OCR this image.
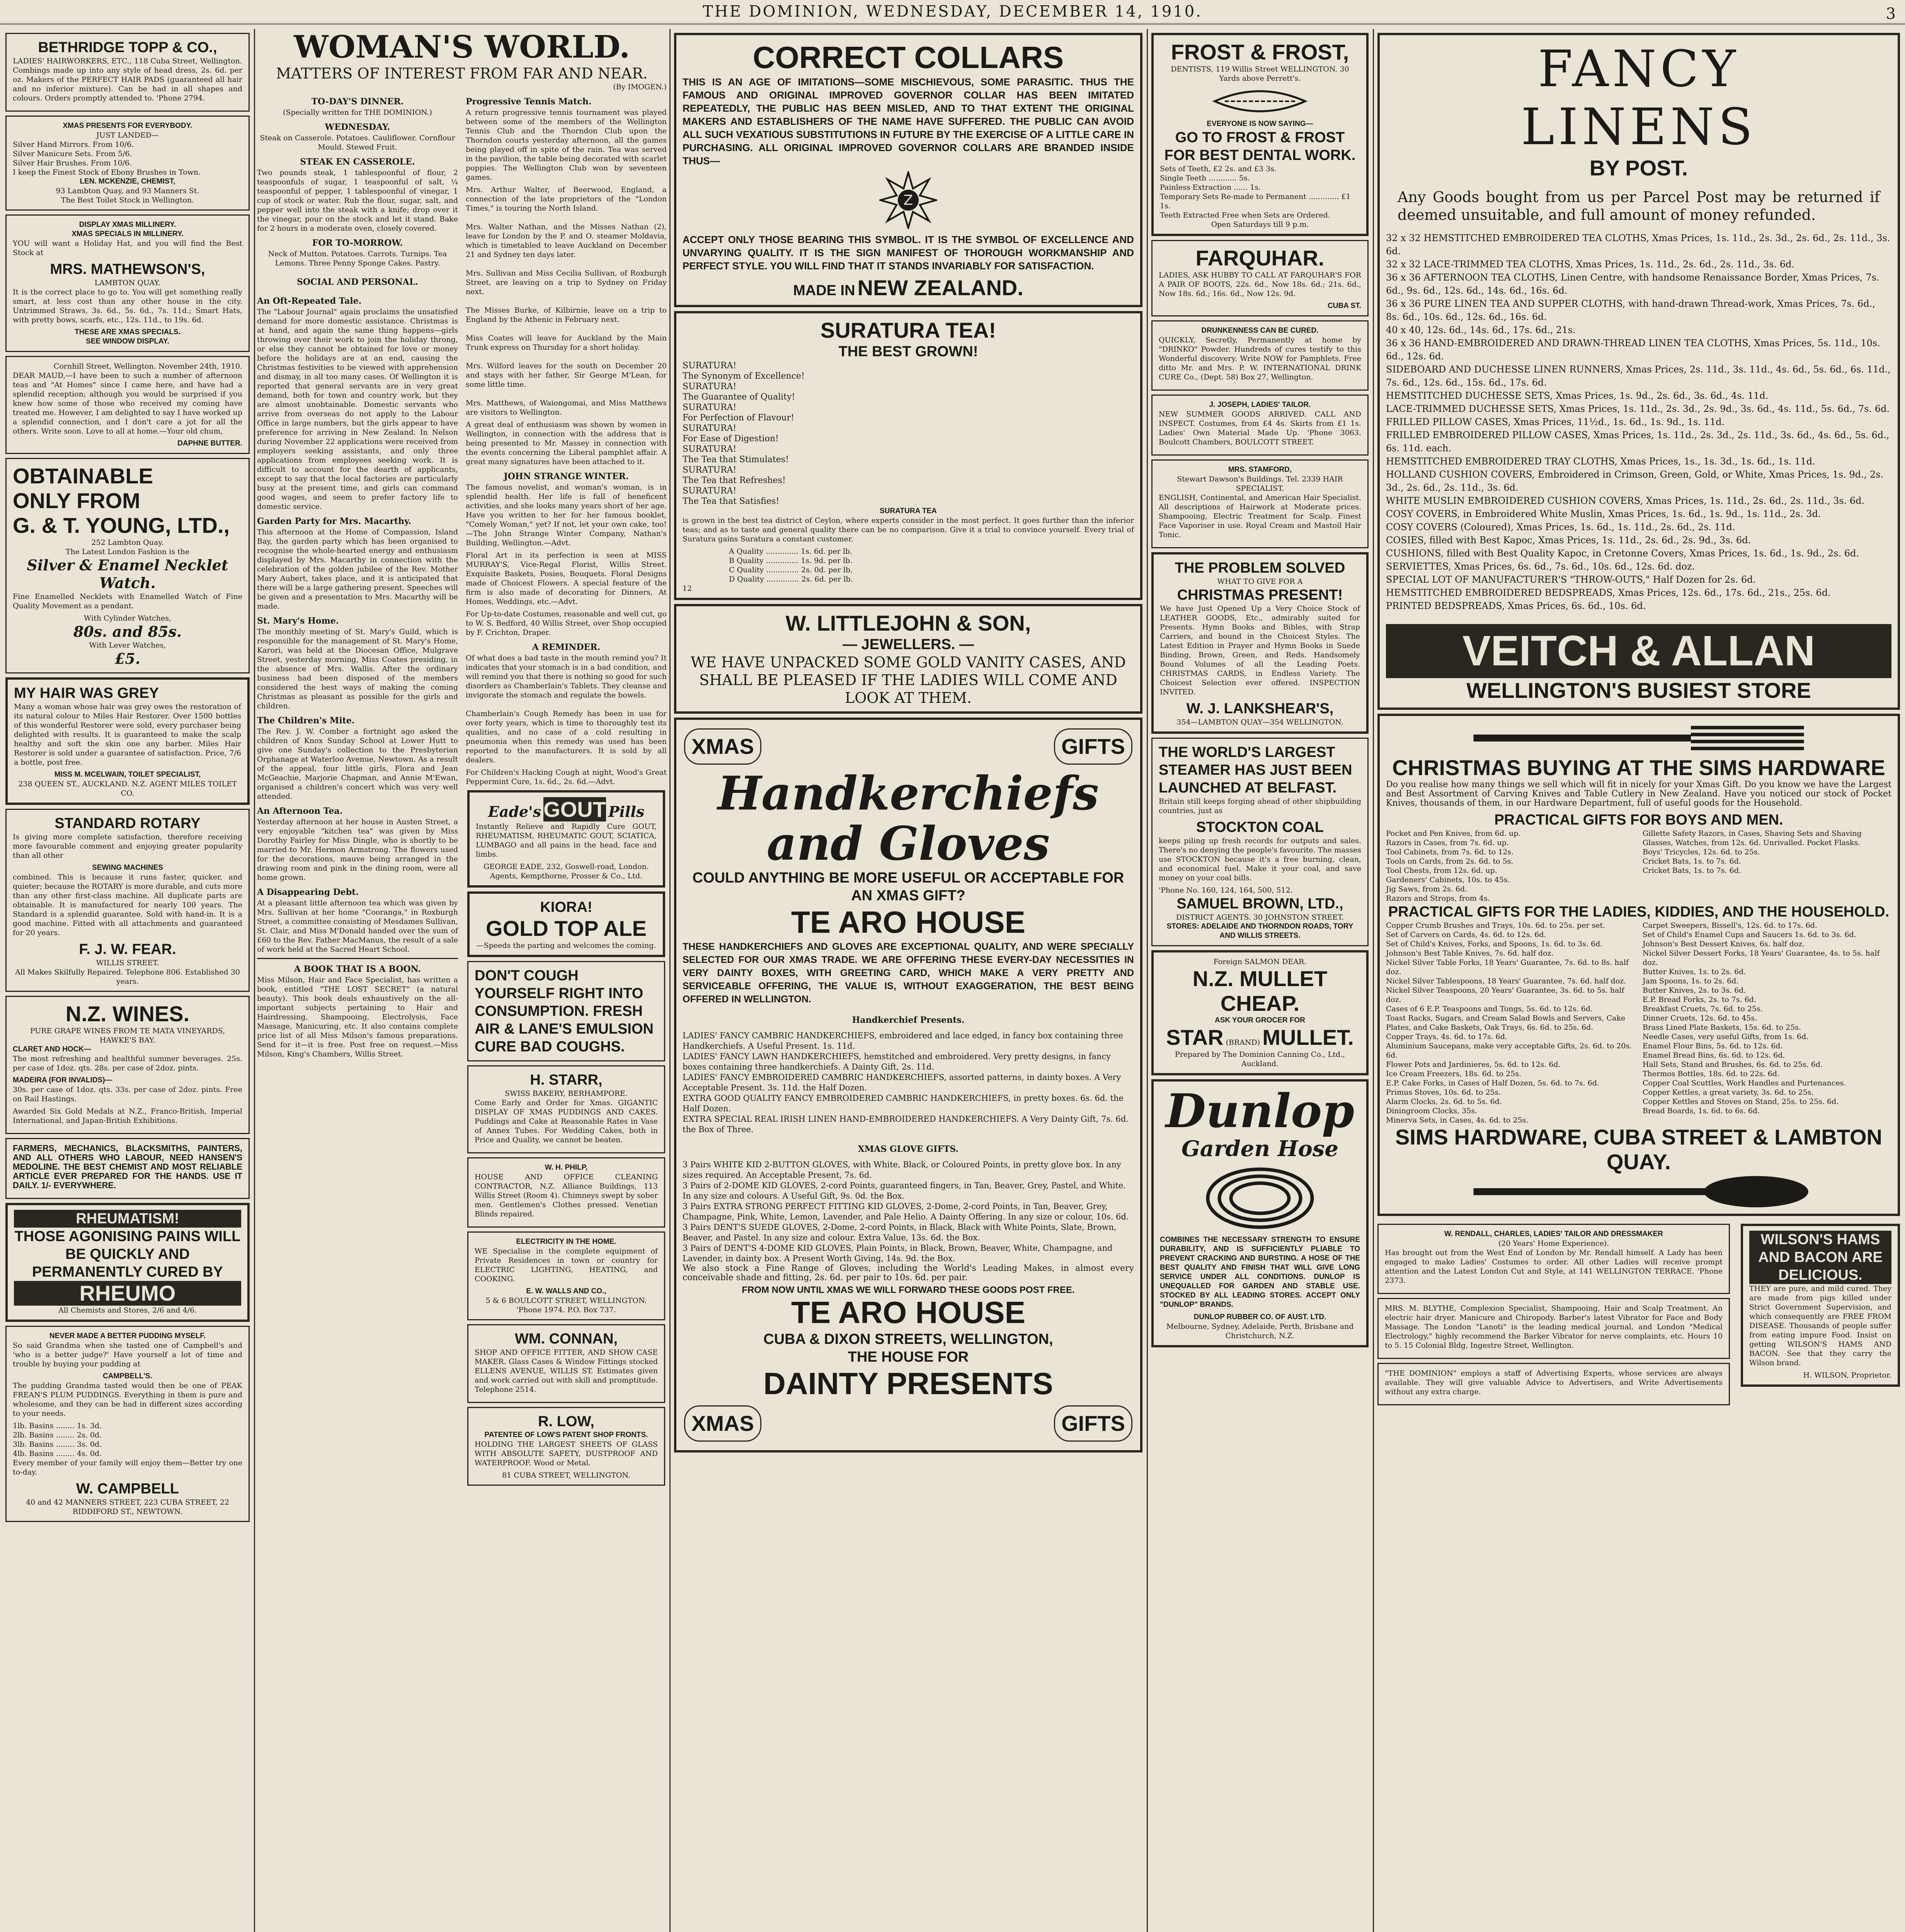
THE DOMINION, WEDNESDAY, DECEMBER 14, 1910.	3
BETHRIDGE TOPP & CO.,
LADIES' HAIRWORKERS, ETC., 118 Cuba Street, Wellington.

Combings made up into any style of head dress, 2s. 6d. per oz. Makers of the PERFECT HAIR PADS (guaranteed all hair and no inferior mixture). Can be had in all shapes and colours. Orders promptly attended to. 'Phone 2794.

XMAS PRESENTS FOR EVERYBODY.
JUST LANDED—
Silver Hand Mirrors. From 10/6.
Silver Manicure Sets. From 5/6.
Silver Hair Brushes. From 10/6.
I keep the Finest Stock of Ebony Brushes in Town.
LEN. MCKENZIE, CHEMIST,
93 Lambton Quay, and 93 Manners St.
The Best Toilet Stock in Wellington.
DISPLAY XMAS MILLINERY.
XMAS SPECIALS IN MILLINERY.

YOU will want a Holiday Hat, and you will find the Best Stock at

MRS. MATHEWSON'S,
LAMBTON QUAY.

It is the correct place to go to. You will get something really smart, at less cost than any other house in the city. Untrimmed Straws, 3s. 6d., 5s. 6d., 7s. 11d.; Smart Hats, with pretty bows, scarfs, etc., 12s. 11d., to 19s. 6d.

THESE ARE XMAS SPECIALS.
SEE WINDOW DISPLAY.
Cornhill Street, Wellington. November 24th, 1910.

DEAR MAUD,—I have been to such a number of afternoon teas and "At Homes" since I came here, and have had a splendid reception; although you would be surprised if you knew how some of those who received my coming have treated me. However, I am delighted to say I have worked up a splendid connection, and I don't care a jot for all the others. Write soon. Love to all at home.—Your old chum,

DAPHNE BUTTER.
OBTAINABLE
ONLY FROM
G. & T. YOUNG, LTD.,
252 Lambton Quay.
The Latest London Fashion is the
Silver & Enamel Necklet Watch.

Fine Enamelled Necklets with Enamelled Watch of Fine Quality Movement as a pendant.

With Cylinder Watches,
80s. and 85s.
With Lever Watches,
£5.
MY HAIR WAS GREY

Many a woman whose hair was grey owes the restoration of its natural colour to Miles Hair Restorer. Over 1500 bottles of this wonderful Restorer were sold, every purchaser being delighted with results. It is guaranteed to make the scalp healthy and soft the skin one any barber. Miles Hair Restorer is sold under a guarantee of satisfaction. Price, 7/6 a bottle, post free.

MISS M. MCELWAIN, TOILET SPECIALIST,
238 QUEEN ST., AUCKLAND. N.Z. AGENT MILES TOILET CO.
STANDARD ROTARY

Is giving more complete satisfaction, therefore receiving more favourable comment and enjoying greater popularity than all other

SEWING MACHINES

combined. This is because it runs faster, quicker, and quieter; because the ROTARY is more durable, and cuts more than any other first-class machine. All duplicate parts are obtainable. It is manufactured for nearly 100 years. The Standard is a splendid guarantee. Sold with hand-in. It is a good machine. Fitted with all attachments and guaranteed for 20 years.

F. J. W. FEAR.
WILLIS STREET.
All Makes Skilfully Repaired. Telephone 806. Established 30 years.
N.Z. WINES.
PURE GRAPE WINES FROM TE MATA VINEYARDS, HAWKE'S BAY.
CLARET AND HOCK—

The most refreshing and healthful summer beverages. 25s. per case of 1doz. qts. 28s. per case of 2doz. pints.

MADEIRA (FOR INVALIDS)—

30s. per case of 1doz. qts. 33s. per case of 2doz. pints. Free on Rail Hastings.

Awarded Six Gold Medals at N.Z., Franco-British, Imperial International, and Japan-British Exhibitions.

FARMERS, MECHANICS, BLACKSMITHS, PAINTERS, AND ALL OTHERS WHO LABOUR, NEED HANSEN'S MEDOLINE. THE BEST CHEMIST AND MOST RELIABLE ARTICLE EVER PREPARED FOR THE HANDS. USE IT DAILY. 1/- EVERYWHERE.

RHEUMATISM!
THOSE AGONISING PAINS WILL BE QUICKLY AND PERMANENTLY CURED BY
RHEUMO
All Chemists and Stores, 2/6 and 4/6.
NEVER MADE A BETTER PUDDING MYSELF.

So said Grandma when she tasted one of Campbell's and 'who is a better judge?' Have yourself a lot of time and trouble by buying your pudding at

CAMPBELL'S.

The pudding Grandma tasted would then be one of PEAK FREAN'S PLUM PUDDINGS. Everything in them is pure and wholesome, and they can be had in different sizes according to your needs.

1lb. Basins ........ 1s. 3d.
2lb. Basins ........ 2s. 0d.
3lb. Basins ........ 3s. 0d.
4lb. Basins ........ 4s. 0d.

Every member of your family will enjoy them—Better try one to-day.

W. CAMPBELL
40 and 42 MANNERS STREET, 223 CUBA STREET, 22 RIDDIFORD ST., NEWTOWN.
WOMAN'S WORLD.
MATTERS OF INTEREST FROM FAR AND NEAR.
(By IMOGEN.)
TO-DAY'S DINNER.
(Specially written for THE DOMINION.)
WEDNESDAY.

Steak on Casserole. Potatoes. Cauliflower. Cornflour Mould. Stewed Fruit.

STEAK EN CASSEROLE.

Two pounds steak, 1 tablespoonful of flour, 2 teaspoonfuls of sugar, 1 teaspoonful of salt, ¼ teaspoonful of pepper, 1 tablespoonful of vinegar, 1 cup of stock or water. Rub the flour, sugar, salt, and pepper well into the steak with a knife; drop over it the vinegar, pour on the stock and let it stand. Bake for 2 hours in a moderate oven, closely covered.

FOR TO-MORROW.

Neck of Mutton. Potatoes. Carrots. Turnips. Tea Lemons. Three Penny Sponge Cakes. Pastry.

SOCIAL AND PERSONAL.
An Oft-Repeated Tale.

The "Labour Journal" again proclaims the unsatisfied demand for more domestic assistance. Christmas is at hand, and again the same thing happens—girls throwing over their work to join the holiday throng, or else they cannot be obtained for love or money before the holidays are at an end, causing the Christmas festivities to be viewed with apprehension and dismay, in all too many cases. Of Wellington it is reported that general servants are in very great demand, both for town and country work, but they are almost unobtainable. Domestic servants who arrive from overseas do not apply to the Labour Office in large numbers, but the girls appear to have preference for arriving in New Zealand. In Nelson during November 22 applications were received from employers seeking assistants, and only three applications from employees seeking work. It is difficult to account for the dearth of applicants, except to say that the local factories are particularly busy at the present time, and girls can command good wages, and seem to prefer factory life to domestic service.

Garden Party for Mrs. Macarthy.

This afternoon at the Home of Compassion, Island Bay, the garden party which has been organised to recognise the whole-hearted energy and enthusiasm displayed by Mrs. Macarthy in connection with the celebration of the golden jubilee of the Rev. Mother Mary Aubert, takes place, and it is anticipated that there will be a large gathering present. Speeches will be given and a presentation to Mrs. Macarthy will be made.

St. Mary's Home.

The monthly meeting of St. Mary's Guild, which is responsible for the management of St. Mary's Home, Karori, was held at the Diocesan Office, Mulgrave Street, yesterday morning, Miss Coates presiding, in the absence of Mrs. Wallis. After the ordinary business had been disposed of the members considered the best ways of making the coming Christmas as pleasant as possible for the girls and children.

The Children's Mite.

The Rev. J. W. Comber a fortnight ago asked the children of Knox Sunday School at Lower Hutt to give one Sunday's collection to the Presbyterian Orphanage at Waterloo Avenue, Newtown. As a result of the appeal, four little girls, Flora and Jean McGeachie, Marjorie Chapman, and Annie M'Ewan, organised a children's concert which was very well attended.

An Afternoon Tea.

Yesterday afternoon at her house in Austen Street, a very enjoyable "kitchen tea" was given by Miss Dorothy Fairley for Miss Dingle, who is shortly to be married to Mr. Hermon Armstrong. The flowers used for the decorations, mauve being arranged in the drawing room and pink in the dining room, were all home grown.

A Disappearing Debt.

At a pleasant little afternoon tea which was given by Mrs. Sullivan at her home "Cooranga," in Roxburgh Street, a committee consisting of Mesdames Sullivan, St. Clair, and Miss M'Donald handed over the sum of £60 to the Rev. Father MacManus, the result of a sale of work held at the Sacred Heart School.

A BOOK THAT IS A BOON.

Miss Milson, Hair and Face Specialist, has written a book, entitled "THE LOST SECRET" (a natural beauty). This book deals exhaustively on the all-important subjects pertaining to Hair and Hairdressing, Shampooing, Electrolysis, Face Massage, Manicuring, etc. It also contains complete price list of all Miss Milson's famous preparations. Send for it—it is free. Post free on request.—Miss Milson, King's Chambers, Willis Street.

Progressive Tennis Match.

A return progressive tennis tournament was played between some of the members of the Wellington Tennis Club and the Thorndon Club upon the Thorndon courts yesterday afternoon, all the games being played off in spite of the rain. Tea was served in the pavilion, the table being decorated with scarlet poppies. The Wellington Club won by seventeen games.

Mrs. Arthur Walter, of Beerwood, England, a connection of the late proprietors of the "London Times," is touring the North Island.

Mrs. Walter Nathan, and the Misses Nathan (2), leave for London by the P. and O. steamer Moldavia, which is timetabled to leave Auckland on December 21 and Sydney ten days later.

Mrs. Sullivan and Miss Cecilia Sullivan, of Roxburgh Street, are leaving on a trip to Sydney on Friday next.

The Misses Burke, of Kilbirnie, leave on a trip to England by the Athenic in February next.

Miss Coates will leave for Auckland by the Main Trunk express on Thursday for a short holiday.

Mrs. Wilford leaves for the south on December 20 and stays with her father, Sir George M'Lean, for some little time.

Mrs. Matthews, of Waiongomai, and Miss Matthews are visitors to Wellington.

A great deal of enthusiasm was shown by women in Wellington, in connection with the address that is being presented to Mr. Massey in connection with the events concerning the Liberal pamphlet affair. A great many signatures have been attached to it.

JOHN STRANGE WINTER.

The famous novelist, and woman's woman, is in splendid health. Her life is full of beneficent activities, and she looks many years short of her age. Have you written to her for her famous booklet, "Comely Woman," yet? If not, let your own cake, too!—The John Strange Winter Company, Nathan's Building, Wellington.—Advt.

Floral Art in its perfection is seen at MISS MURRAY'S, Vice-Regal Florist, Willis Street. Exquisite Baskets, Posies, Bouquets. Floral Designs made of Choicest Flowers. A special feature of the firm is also made of decorating for Dinners, At Homes, Weddings, etc.—Advt.

For Up-to-date Costumes, reasonable and well cut, go to W. S. Bedford, 40 Willis Street, over Shop occupied by F. Crichton, Draper.

A REMINDER.

Of what does a bad taste in the mouth remind you? It indicates that your stomach is in a bad condition, and will remind you that there is nothing so good for such disorders as Chamberlain's Tablets. They cleanse and invigorate the stomach and regulate the bowels.

Chamberlain's Cough Remedy has been in use for over forty years, which is time to thoroughly test its qualities, and no case of a cold resulting in pneumonia when this remedy was used has been reported to the manufacturers. It is sold by all dealers.

For Children's Hacking Cough at night, Wood's Great Peppermint Cure, 1s. 6d., 2s. 6d.—Advt.

Eade's GOUT Pills

Instantly Relieve and Rapidly Cure GOUT, RHEUMATISM, RHEUMATIC GOUT, SCIATICA, LUMBAGO and all pains in the head, face and limbs.

GEORGE EADE, 232, Goswell-road, London. Agents, Kempthorne, Prosser & Co., Ltd.
KIORA!
GOLD TOP ALE
—Speeds the parting and welcomes the coming.
DON'T COUGH YOURSELF RIGHT INTO CONSUMPTION. FRESH AIR & LANE'S EMULSION CURE BAD COUGHS.
H. STARR,
SWISS BAKERY, BERHAMPORE.

Come Early and Order for Xmas. GIGANTIC DISPLAY OF XMAS PUDDINGS AND CAKES. Puddings and Cake at Reasonable Rates in Vase of Annex Tubes. For Wedding Cakes, both in Price and Quality, we cannot be beaten.

W. H. PHILP,

HOUSE AND OFFICE CLEANING CONTRACTOR, N.Z. Alliance Buildings, 113 Willis Street (Room 4). Chimneys swept by sober men. Gentlemen's Clothes pressed. Venetian Blinds repaired.

ELECTRICITY IN THE HOME.

WE Specialise in the complete equipment of Private Residences in town or country for ELECTRIC LIGHTING, HEATING, and COOKING.

E. W. WALLS AND CO.,
5 & 6 BOULCOTT STREET, WELLINGTON.
'Phone 1974. P.O. Box 737.
WM. CONNAN,

SHOP AND OFFICE FITTER, AND SHOW CASE MAKER. Glass Cases & Window Fittings stocked ELLENS AVENUE, WILLIS ST. Estimates given and work carried out with skill and promptitude. Telephone 2514.

R. LOW,
PATENTEE OF LOW'S PATENT SHOP FRONTS.

HOLDING THE LARGEST SHEETS OF GLASS WITH ABSOLUTE SAFETY, DUSTPROOF AND WATERPROOF. Wood or Metal.

81 CUBA STREET, WELLINGTON.
CORRECT COLLARS

THIS IS AN AGE OF IMITATIONS—SOME MISCHIEVOUS, SOME PARASITIC. THUS THE FAMOUS AND ORIGINAL IMPROVED GOVERNOR COLLAR HAS BEEN IMITATED REPEATEDLY, THE PUBLIC HAS BEEN MISLED, AND TO THAT EXTENT THE ORIGINAL MAKERS AND ESTABLISHERS OF THE NAME HAVE SUFFERED. THE PUBLIC CAN AVOID ALL SUCH VEXATIOUS SUBSTITUTIONS IN FUTURE BY THE EXERCISE OF A LITTLE CARE IN PURCHASING. ALL ORIGINAL IMPROVED GOVERNOR COLLARS ARE BRANDED INSIDE THUS—

Z

ACCEPT ONLY THOSE BEARING THIS SYMBOL. IT IS THE SYMBOL OF EXCELLENCE AND UNVARYING QUALITY. IT IS THE SIGN MANIFEST OF THOROUGH WORKMANSHIP AND PERFECT STYLE. YOU WILL FIND THAT IT STANDS INVARIABLY FOR SATISFACTION.

MADE IN NEW ZEALAND.
SURATURA TEA!
THE BEST GROWN!
SURATURA!
The Synonym of Excellence!
SURATURA!
The Guarantee of Quality!
SURATURA!
For Perfection of Flavour!
SURATURA!
For Ease of Digestion!
SURATURA!
The Tea that Stimulates!
SURATURA!
The Tea that Refreshes!
SURATURA!
The Tea that Satisfies!
SURATURA TEA

is grown in the best tea district of Ceylon, where experts consider in the most perfect. It goes further than the inferior teas; and as to taste and general quality there can be no comparison. Give it a trial to convince yourself. Every trial of Suratura gains Suratura a constant customer.

A Quality .............. 1s. 6d. per lb.
B Quality .............. 1s. 9d. per lb.
C Quality .............. 2s. 0d. per lb.
D Quality .............. 2s. 6d. per lb.
12
W. LITTLEJOHN & SON,
— JEWELLERS. —
WE HAVE UNPACKED SOME GOLD VANITY CASES, AND SHALL BE PLEASED IF THE LADIES WILL COME AND LOOK AT THEM.
XMAS	GIFTS
Handkerchiefs
and Gloves
COULD ANYTHING BE MORE USEFUL OR ACCEPTABLE FOR AN XMAS GIFT?
TE ARO HOUSE

THESE HANDKERCHIEFS AND GLOVES ARE EXCEPTIONAL QUALITY, AND WERE SPECIALLY SELECTED FOR OUR XMAS TRADE. WE ARE OFFERING THESE EVERY-DAY NECESSITIES IN VERY DAINTY BOXES, WITH GREETING CARD, WHICH MAKE A VERY PRETTY AND SERVICEABLE OFFERING, THE VALUE IS, WITHOUT EXAGGERATION, THE BEST BEING OFFERED IN WELLINGTON.

Handkerchief Presents.
LADIES' FANCY CAMBRIC HANDKERCHIEFS, embroidered and lace edged, in fancy box containing three Handkerchiefs. A Useful Present. 1s. 11d.
LADIES' FANCY LAWN HANDKERCHIEFS, hemstitched and embroidered. Very pretty designs, in fancy boxes containing three handkerchiefs. A Dainty Gift, 2s. 11d.
LADIES' FANCY EMBROIDERED CAMBRIC HANDKERCHIEFS, assorted patterns, in dainty boxes. A Very Acceptable Present. 3s. 11d. the Half Dozen.
EXTRA GOOD QUALITY FANCY EMBROIDERED CAMBRIC HANDKERCHIEFS, in pretty boxes. 6s. 6d. the Half Dozen.
EXTRA SPECIAL REAL IRISH LINEN HAND-EMBROIDERED HANDKERCHIEFS. A Very Dainty Gift, 7s. 6d. the Box of Three.
XMAS GLOVE GIFTS.
3 Pairs WHITE KID 2-BUTTON GLOVES, with White, Black, or Coloured Points, in pretty glove box. In any sizes required. An Acceptable Present, 7s. 6d.
3 Pairs of 2-DOME KID GLOVES, 2-cord Points, guaranteed fingers, in Tan, Beaver, Grey, Pastel, and White. In any size and colours. A Useful Gift, 9s. 0d. the Box.
3 Pairs EXTRA STRONG PERFECT FITTING KID GLOVES, 2-Dome, 2-cord Points, in Tan, Beaver, Grey, Champagne, Pink, White, Lemon, Lavender, and Pale Helio. A Dainty Offering. In any size or colour, 10s. 6d.
3 Pairs DENT'S SUEDE GLOVES, 2-Dome, 2-cord Points, in Black, Black with White Points, Slate, Brown, Beaver, and Pastel. In any size and colour. Extra Value, 13s. 6d. the Box.
3 Pairs of DENT'S 4-DOME KID GLOVES, Plain Points, in Black, Brown, Beaver, White, Champagne, and Lavender, in dainty box. A Present Worth Giving, 14s. 9d. the Box.

We also stock a Fine Range of Gloves, including the World's Leading Makes, in almost every conceivable shade and fitting, 2s. 6d. per pair to 10s. 6d. per pair.

FROM NOW UNTIL XMAS WE WILL FORWARD THESE GOODS POST FREE.
TE ARO HOUSE
CUBA & DIXON STREETS, WELLINGTON,
THE HOUSE FOR
DAINTY PRESENTS
XMAS	GIFTS
FROST & FROST,
DENTISTS, 119 Willis Street WELLINGTON. 30 Yards above Perrett's.
EVERYONE IS NOW SAYING—
GO TO FROST & FROST FOR BEST DENTAL WORK.
Sets of Teeth, £2 2s. and £3 3s.
Single Teeth ............ 5s.
Painless Extraction ...... 1s.
Temporary Sets Re-made to Permanent ............. £1 1s.
Teeth Extracted Free when Sets are Ordered.
Open Saturdays till 9 p.m.
FARQUHAR.

LADIES, ASK HUBBY TO CALL AT FARQUHAR'S FOR A PAIR OF BOOTS, 22s. 6d., Now 18s. 6d.; 21s. 6d., Now 18s. 6d.; 16s. 6d., Now 12s. 9d.

CUBA ST.
DRUNKENNESS CAN BE CURED.

QUICKLY, Secretly, Permanently at home by "DRINKO" Powder. Hundreds of cures testify to this Wonderful discovery. Write NOW for Pamphlets. Free ditto Mr. and Mrs. P. W. INTERNATIONAL DRINK CURE Co., (Dept. 58) Box 27, Wellington.

J. JOSEPH, LADIES' TAILOR.

NEW SUMMER GOODS ARRIVED. CALL AND INSPECT. Costumes, from £4 4s. Skirts from £1 1s. Ladies' Own Material Made Up. 'Phone 3063. Boulcott Chambers, BOULCOTT STREET.

MRS. STAMFORD,
Stewart Dawson's Buildings. Tel. 2339 HAIR SPECIALIST.

ENGLISH, Continental, and American Hair Specialist. All descriptions of Hairwork at Moderate prices. Shampooing, Electric Treatment for Scalp. Finest Face Vaporiser in use. Royal Cream and Mastoil Hair Tonic.

THE PROBLEM SOLVED
WHAT TO GIVE FOR A
CHRISTMAS PRESENT!

We have Just Opened Up a Very Choice Stock of LEATHER GOODS, Etc., admirably suited for Presents. Hymn Books and Bibles, with Strap Carriers, and bound in the Choicest Styles. The Latest Edition in Prayer and Hymn Books in Suede Binding, Brown, Green, and Reds. Handsomely Bound Volumes of all the Leading Poets. CHRISTMAS CARDS, in Endless Variety. The Choicest Selection ever offered. INSPECTION INVITED.

W. J. LANKSHEAR'S,
354—LAMBTON QUAY—354 WELLINGTON.
THE WORLD'S LARGEST STEAMER HAS JUST BEEN LAUNCHED AT BELFAST.

Britain still keeps forging ahead of other shipbuilding countries, just as

STOCKTON COAL

keeps piling up fresh records for outputs and sales. There's no denying the people's favourite. The masses use STOCKTON because it's a free burning, clean, and economical fuel. Make it your coal, and save money on your coal bills.

'Phone No. 160, 124, 164, 500, 512.
SAMUEL BROWN, LTD.,
DISTRICT AGENTS. 30 JOHNSTON STREET.
STORES: ADELAIDE AND THORNDON ROADS, TORY AND WILLIS STREETS.
Foreign SALMON DEAR.
N.Z. MULLET CHEAP.
ASK YOUR GROCER FOR
STAR (BRAND) MULLET.
Prepared by The Dominion Canning Co., Ltd., Auckland.
Dunlop
Garden Hose

COMBINES THE NECESSARY STRENGTH TO ENSURE DURABILITY, AND IS SUFFICIENTLY PLIABLE TO PREVENT CRACKING AND BURSTING. A HOSE OF THE BEST QUALITY AND FINISH THAT WILL GIVE LONG SERVICE UNDER ALL CONDITIONS. DUNLOP IS UNEQUALLED FOR GARDEN AND STABLE USE. STOCKED BY ALL LEADING STORES. ACCEPT ONLY "DUNLOP" BRANDS.

DUNLOP RUBBER CO. OF AUST. LTD.
Melbourne, Sydney, Adelaide, Perth, Brisbane and Christchurch, N.Z.
FANCY
LINENS
BY POST.

Any Goods bought from us per Parcel Post may be returned if deemed unsuitable, and full amount of money refunded.

32 x 32 HEMSTITCHED EMBROIDERED TEA CLOTHS, Xmas Prices, 1s. 11d., 2s. 3d., 2s. 6d., 2s. 11d., 3s. 6d.
32 x 32 LACE-TRIMMED TEA CLOTHS, Xmas Prices, 1s. 11d., 2s. 6d., 2s. 11d., 3s. 6d.
36 x 36 AFTERNOON TEA CLOTHS, Linen Centre, with handsome Renaissance Border, Xmas Prices, 7s. 6d., 9s. 6d., 12s. 6d., 14s. 6d., 16s. 6d.
36 x 36 PURE LINEN TEA AND SUPPER CLOTHS, with hand-drawn Thread-work, Xmas Prices, 7s. 6d., 8s. 6d., 10s. 6d., 12s. 6d., 16s. 6d.
40 x 40, 12s. 6d., 14s. 6d., 17s. 6d., 21s.
36 x 36 HAND-EMBROIDERED AND DRAWN-THREAD LINEN TEA CLOTHS, Xmas Prices, 5s. 11d., 10s. 6d., 12s. 6d.
SIDEBOARD AND DUCHESSE LINEN RUNNERS, Xmas Prices, 2s. 11d., 3s. 11d., 4s. 6d., 5s. 6d., 6s. 11d., 7s. 6d., 12s. 6d., 15s. 6d., 17s. 6d.
HEMSTITCHED DUCHESSE SETS, Xmas Prices, 1s. 9d., 2s. 6d., 3s. 6d., 4s. 11d.
LACE-TRIMMED DUCHESSE SETS, Xmas Prices, 1s. 11d., 2s. 3d., 2s. 9d., 3s. 6d., 4s. 11d., 5s. 6d., 7s. 6d.
FRILLED PILLOW CASES, Xmas Prices, 11½d., 1s. 6d., 1s. 9d., 1s. 11d.
FRILLED EMBROIDERED PILLOW CASES, Xmas Prices, 1s. 11d., 2s. 3d., 2s. 11d., 3s. 6d., 4s. 6d., 5s. 6d., 6s. 11d. each.
HEMSTITCHED EMBROIDERED TRAY CLOTHS, Xmas Prices, 1s., 1s. 3d., 1s. 6d., 1s. 11d.
HOLLAND CUSHION COVERS, Embroidered in Crimson, Green, Gold, or White, Xmas Prices, 1s. 9d., 2s. 3d., 2s. 6d., 2s. 11d., 3s. 6d.
WHITE MUSLIN EMBROIDERED CUSHION COVERS, Xmas Prices, 1s. 11d., 2s. 6d., 2s. 11d., 3s. 6d.
COSY COVERS, in Embroidered White Muslin, Xmas Prices, 1s. 6d., 1s. 9d., 1s. 11d., 2s. 3d.
COSY COVERS (Coloured), Xmas Prices, 1s. 6d., 1s. 11d., 2s. 6d., 2s. 11d.
COSIES, filled with Best Kapoc, Xmas Prices, 1s. 11d., 2s. 6d., 2s. 9d., 3s. 6d.
CUSHIONS, filled with Best Quality Kapoc, in Cretonne Covers, Xmas Prices, 1s. 6d., 1s. 9d., 2s. 6d.
SERVIETTES, Xmas Prices, 6s. 6d., 7s. 6d., 10s. 6d., 12s. 6d. doz.
SPECIAL LOT OF MANUFACTURER'S "THROW-OUTS," Half Dozen for 2s. 6d.
HEMSTITCHED EMBROIDERED BEDSPREADS, Xmas Prices, 12s. 6d., 17s. 6d., 21s., 25s. 6d.
PRINTED BEDSPREADS, Xmas Prices, 6s. 6d., 10s. 6d.
VEITCH & ALLAN
WELLINGTON'S BUSIEST STORE
CHRISTMAS BUYING AT THE SIMS HARDWARE

Do you realise how many things we sell which will fit in nicely for your Xmas Gift. Do you know we have the Largest and Best Assortment of Carving Knives and Table Cutlery in New Zealand. Have you noticed our stock of Pocket Knives, thousands of them, in our Hardware Department, full of useful goods for the Household.

PRACTICAL GIFTS FOR BOYS AND MEN.
Pocket and Pen Knives, from 6d. up.
Razors in Cases, from 7s. 6d. up.
Tool Cabinets, from 7s. 6d. to 12s.
Tools on Cards, from 2s. 6d. to 5s.
Tool Chests, from 12s. 6d. up.
Gardeners' Cabinets, 10s. to 45s.
Jig Saws, from 2s. 6d.
Razors and Strops, from 4s.
Gillette Safety Razors, in Cases, Shaving Sets and Shaving Glasses, Watches, from 12s. 6d. Unrivalled. Pocket Flasks.
Boys' Tricycles, 12s. 6d. to 25s.
Cricket Bats, 1s. to 7s. 6d.
Cricket Bats, 1s. to 7s. 6d.
PRACTICAL GIFTS FOR THE LADIES, KIDDIES, AND THE HOUSEHOLD.
Copper Crumb Brushes and Trays, 10s. 6d. to 25s. per set.
Set of Carvers on Cards, 4s. 6d. to 12s. 6d.
Set of Child's Knives, Forks, and Spoons, 1s. 6d. to 3s. 6d.
Johnson's Best Table Knives, 7s. 6d. half doz.
Nickel Silver Table Forks, 18 Years' Guarantee, 7s. 6d. to 8s. half doz.
Nickel Silver Tablespoons, 18 Years' Guarantee, 7s. 6d. half doz.
Nickel Silver Teaspoons, 20 Years' Guarantee, 3s. 6d. to 5s. half doz.
Cases of 6 E.P. Teaspoons and Tongs, 5s. 6d. to 12s. 6d.
Toast Racks, Sugars, and Cream Salad Bowls and Servers, Cake Plates, and Cake Baskets, Oak Trays, 6s. 6d. to 25s. 6d.
Copper Trays, 4s. 6d. to 17s. 6d.
Aluminium Saucepans, make very acceptable Gifts, 2s. 6d. to 20s. 6d.
Flower Pots and Jardinieres, 5s. 6d. to 12s. 6d.
Ice Cream Freezers, 18s. 6d. to 25s.
E.P. Cake Forks, in Cases of Half Dozen, 5s. 6d. to 7s. 6d.
Primus Stoves, 10s. 6d. to 25s.
Alarm Clocks, 2s. 6d. to 5s. 6d.
Diningroom Clocks, 35s.
Minerva Sets, in Cases, 4s. 6d. to 25s.
Carpet Sweepers, Bissell's, 12s. 6d. to 17s. 6d.
Set of Child's Enamel Cups and Saucers 1s. 6d. to 3s. 6d.
Johnson's Best Dessert Knives, 6s. half doz.
Nickel Silver Dessert Forks, 18 Years' Guarantee, 4s. to 5s. half doz.
Butter Knives, 1s. to 2s. 6d.
Jam Spoons, 1s. to 2s. 6d.
Butter Knives, 2s. to 3s. 6d.
E.P. Bread Forks, 2s. to 7s. 6d.
Breakfast Cruets, 7s. 6d. to 25s.
Dinner Cruets, 12s. 6d. to 45s.
Brass Lined Plate Baskets, 15s. 6d. to 25s.
Needle Cases, very useful Gifts, from 1s. 6d.
Enamel Flour Bins, 5s. 6d. to 12s. 6d.
Enamel Bread Bins, 6s. 6d. to 12s. 6d.
Hall Sets, Stand and Brushes, 6s. 6d. to 25s. 6d.
Thermos Bottles, 18s. 6d. to 22s. 6d.
Copper Coal Scuttles, Work Handles and Purtenances.
Copper Kettles, a great variety, 3s. 6d. to 25s.
Copper Kettles and Stoves on Stand, 25s. to 25s. 6d.
Bread Boards, 1s. 6d. to 6s. 6d.
SIMS HARDWARE, CUBA STREET & LAMBTON QUAY.
W. RENDALL, CHARLES, LADIES' TAILOR AND DRESSMAKER
(20 Years' Home Experience).

Has brought out from the West End of London by Mr. Rendall himself. A Lady has been engaged to make Ladies' Costumes to order. All other Ladies will receive prompt attention and the Latest London Cut and Style, at 141 WELLINGTON TERRACE. 'Phone 2373.

MRS. M. BLYTHE, Complexion Specialist, Shampooing, Hair and Scalp Treatment. An electric hair dryer. Manicure and Chiropody. Barber's latest Vibrator for Face and Body Massage. The London "Lanoti" is the leading medical journal, and London "Medical Electrology," highly recommend the Barker Vibrator for nerve complaints, etc. Hours 10 to 5. 15 Colonial Bldg, Ingestre Street, Wellington.

"THE DOMINION" employs a staff of Advertising Experts, whose services are always available. They will give valuable Advice to Advertisers, and Write Advertisements without any extra charge.

WILSON'S HAMS AND BACON ARE DELICIOUS.

THEY are pure, and mild cured. They are made from pigs killed under Strict Government Supervision, and which consequently are FREE FROM DISEASE. Thousands of people suffer from eating impure Food. Insist on getting WILSON'S HAMS AND BACON. See that they carry the Wilson brand.

H. WILSON, Proprietor.
